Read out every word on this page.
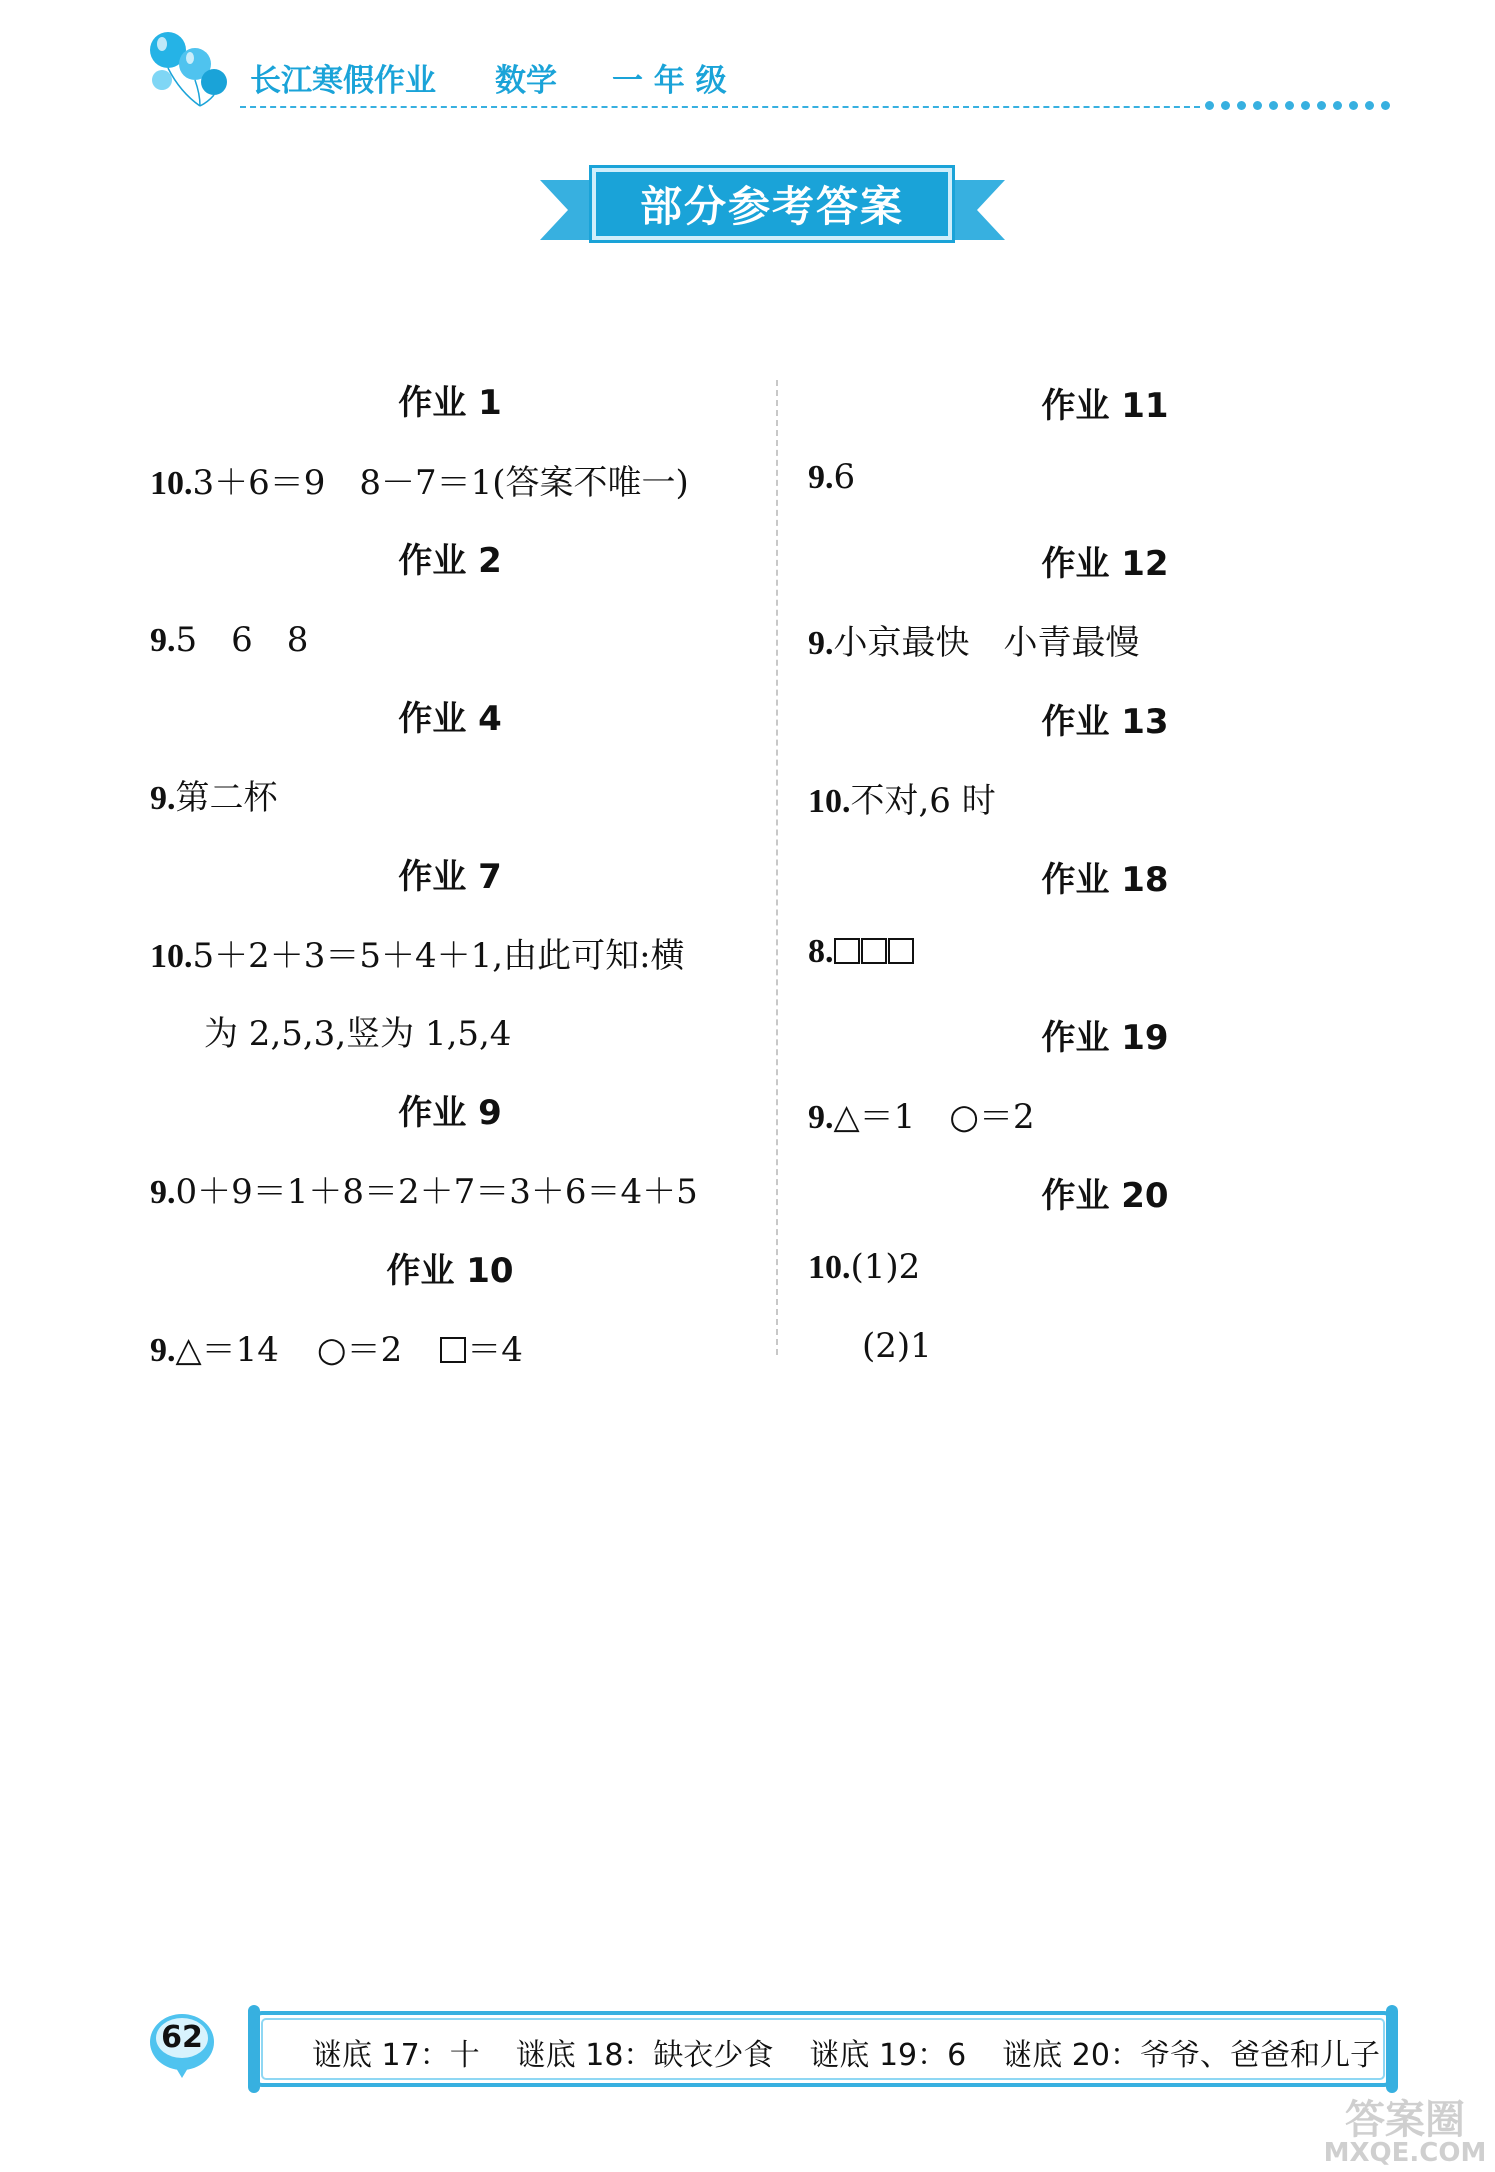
长江寒假作业 数学 一 年 级
部分参考答案
作业 1
10.3＋6＝9　8－7＝1(答案不唯一)
作业 2
9.5　6　8
作业 4
9.第二杯
作业 7
10.5＋2＋3＝5＋4＋1,由此可知:横
为 2,5,3,竖为 1,5,4
作业 9
9.0＋9＝1＋8＝2＋7＝3＋6＝4＋5
作业 10
9.△＝14 ○＝2 ＝4
作业 11
9.6
作业 12
9.小京最快　小青最慢
作业 13
10.不对,6 时
作业 18
8.
作业 19
9.△＝1　○＝2
作业 20
10.(1)2
(2)1
62
谜底 17：十 谜底 18：缺衣少食 谜底 19：6 谜底 20：爷爷、爸爸和儿子
答案圈
MXQE.COM
